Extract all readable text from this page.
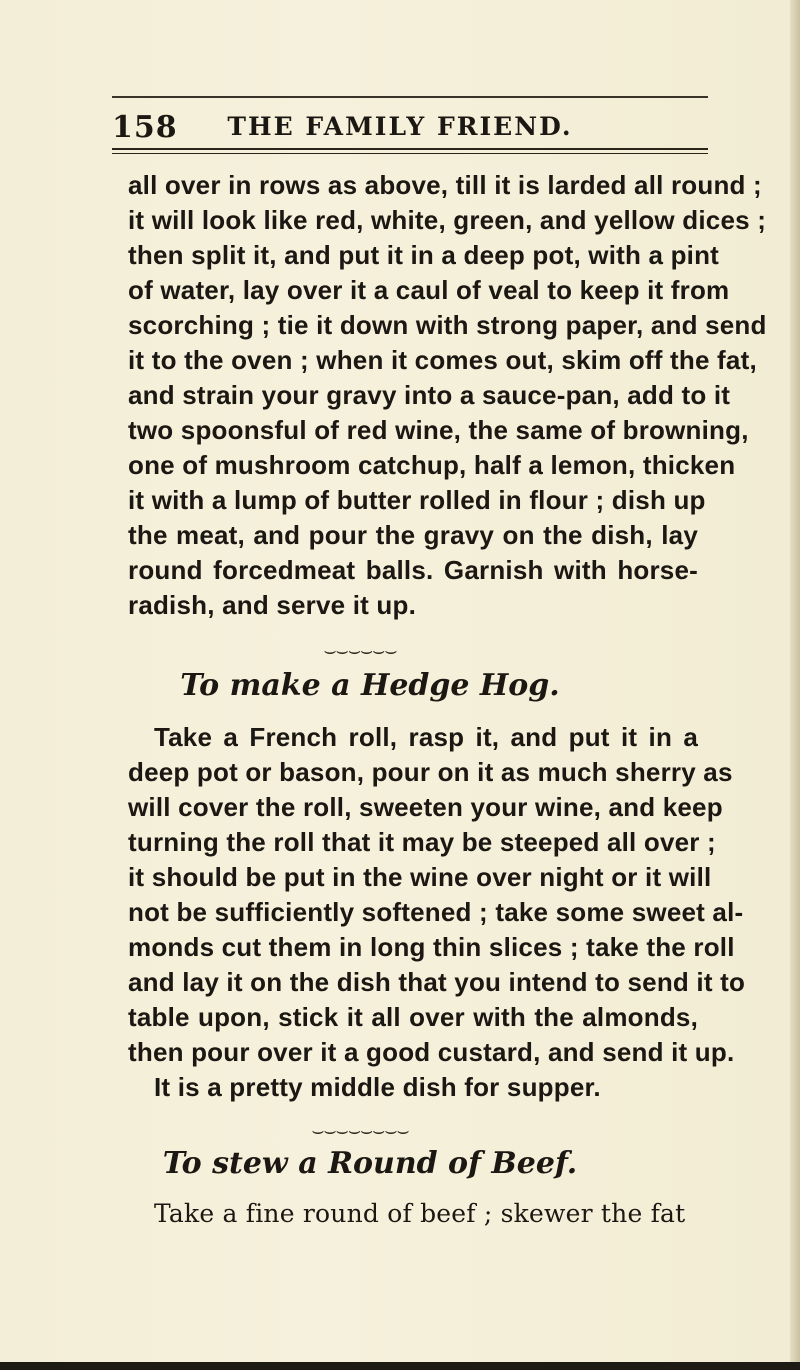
158	THE FAMILY FRIEND.
all over in rows as above, till it is larded all round ;
it will look like red, white, green, and yellow dices ;
then split it, and put it in a deep pot, with a pint
of water, lay over it a caul of veal to keep it from
scorching ; tie it down with strong paper, and send
it to the oven ; when it comes out, skim off the fat,
and strain your gravy into a sauce-pan, add to it
two spoonsful of red wine, the same of browning,
one of mushroom catchup, half a lemon, thicken
it with a lump of butter rolled in flour ; dish up
the meat, and pour the gravy on the dish, lay
round forcedmeat balls. Garnish with horse-
radish, and serve it up.
⌣⌣⌣⌣⌣⌣
To make a Hedge Hog.
Take a French roll, rasp it, and put it in a
deep pot or bason, pour on it as much sherry as
will cover the roll, sweeten your wine, and keep
turning the roll that it may be steeped all over ;
it should be put in the wine over night or it will
not be sufficiently softened ; take some sweet al-
monds cut them in long thin slices ; take the roll
and lay it on the dish that you intend to send it to
table upon, stick it all over with the almonds,
then pour over it a good custard, and send it up.
It is a pretty middle dish for supper.
⌣⌣⌣⌣⌣⌣⌣⌣
To stew a Round of Beef.
Take a fine round of beef ; skewer the fat
